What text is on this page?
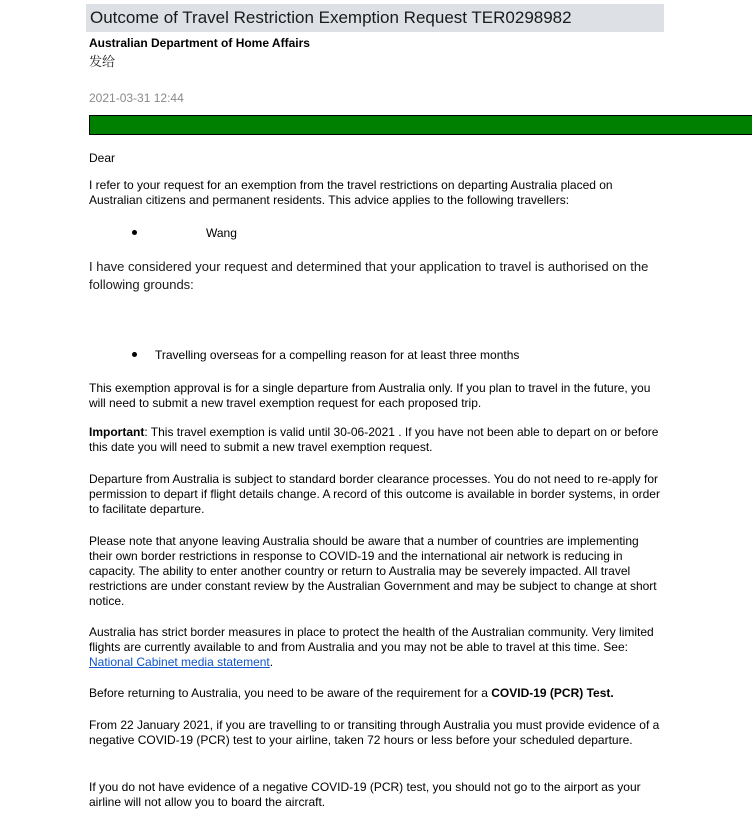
Outcome of Travel Restriction Exemption Request TER0298982
Australian Department of Home Affairs
发给
2021-03-31 12:44
Dear
I refer to your request for an exemption from the travel restrictions on departing Australia placed on Australian citizens and permanent residents. This advice applies to the following travellers:
Wang
I have considered your request and determined that your application to travel is authorised on the following grounds:
Travelling overseas for a compelling reason for at least three months
This exemption approval is for a single departure from Australia only. If you plan to travel in the future, you will need to submit a new travel exemption request for each proposed trip.
Important: This travel exemption is valid until 30-06-2021 . If you have not been able to depart on or before this date you will need to submit a new travel exemption request.
Departure from Australia is subject to standard border clearance processes. You do not need to re-apply for permission to depart if flight details change. A record of this outcome is available in border systems, in order to facilitate departure.
Please note that anyone leaving Australia should be aware that a number of countries are implementing their own border restrictions in response to COVID-19 and the international air network is reducing in capacity. The ability to enter another country or return to Australia may be severely impacted. All travel restrictions are under constant review by the Australian Government and may be subject to change at short notice.
Australia has strict border measures in place to protect the health of the Australian community. Very limited flights are currently available to and from Australia and you may not be able to travel at this time. See: National Cabinet media statement.
Before returning to Australia, you need to be aware of the requirement for a COVID-19 (PCR) Test.
From 22 January 2021, if you are travelling to or transiting through Australia you must provide evidence of a negative COVID-19 (PCR) test to your airline, taken 72 hours or less before your scheduled departure.
If you do not have evidence of a negative COVID-19 (PCR) test, you should not go to the airport as your airline will not allow you to board the aircraft.
